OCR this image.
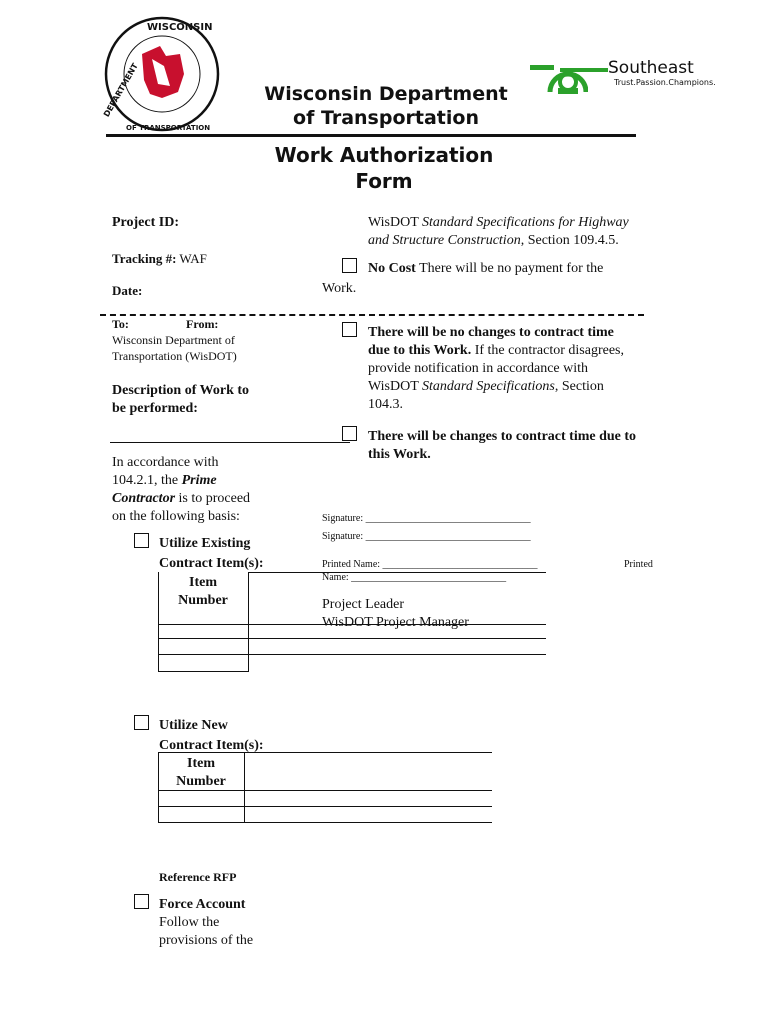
WISCONSIN
DEPARTMENT
OF TRANSPORTATION
Wisconsin Department
of Transportation
Southeast
Trust.Passion.Champions.
Work Authorization
Form
Project ID:
Tracking #: WAF
Date:
WisDOT Standard Specifications for Highway
and Structure Construction, Section 109.4.5.
No Cost There will be no payment for the
Work.
To:	From:
Wisconsin Department of
Transportation (WisDOT)
Description of Work to
be performed:
There will be no changes to contract time
due to this Work. If the contractor disagrees,
provide notification in accordance with
WisDOT Standard Specifications, Section
104.3.
There will be changes to contract time due to
this Work.
In accordance with
104.2.1, the Prime
Contractor is to proceed
on the following basis:	Signature: _________________________________
Signature: _________________________________
Printed Name: _______________________________	Printed
Name: _______________________________
Project Leader
WisDOT Project Manager
Utilize Existing
Contract Item(s):
Item
Number
Utilize New
Contract Item(s):
Item
Number
Reference RFP
Force Account
Follow the
provisions of the
